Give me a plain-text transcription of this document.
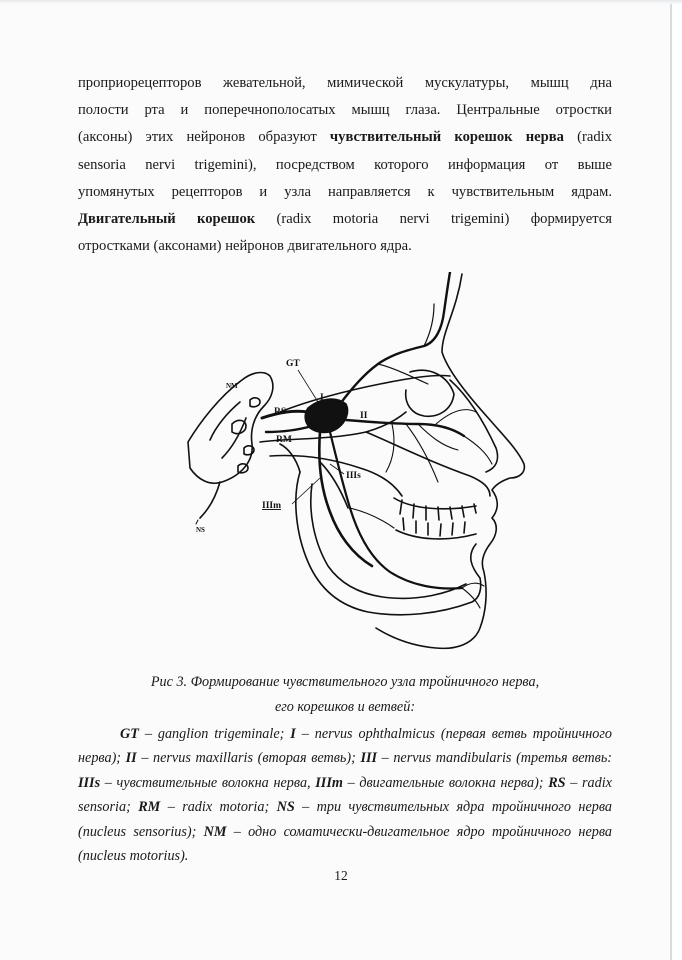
проприорецепторов жевательной, мимической мускулатуры, мышц дна

полости рта и поперечнополосатых мышц глаза. Центральные отростки

(аксоны) этих нейронов образуют чувствительный корешок нерва (radix

sensoria nervi trigemini), посредством которого информация от выше

упомянутых рецепторов и узла направляется к чувствительным ядрам.

Двигательный корешок (radix motoria nervi trigemini) формируется

отростками (аксонами) нейронов двигательного ядра.

GT
I
II
RS
RM
IIIs
IIIm
NM
NS

Рис 3. Формирование чувствительного узла тройничного нерва,

его корешков и ветвей:

GT – ganglion trigeminale; I – nervus ophthalmicus (первая ветвь тройничного нерва); II – nervus maxillaris (вторая ветвь); III – nervus mandibularis (третья ветвь: IIIs – чувствительные волокна нерва, IIIm – двигательные волокна нерва); RS – radix sensoria; RM – radix motoria; NS – три чувствительных ядра тройничного нерва (nucleus sensorius); NM – одно соматически-двигательное ядро тройничного нерва (nucleus motorius).

12
